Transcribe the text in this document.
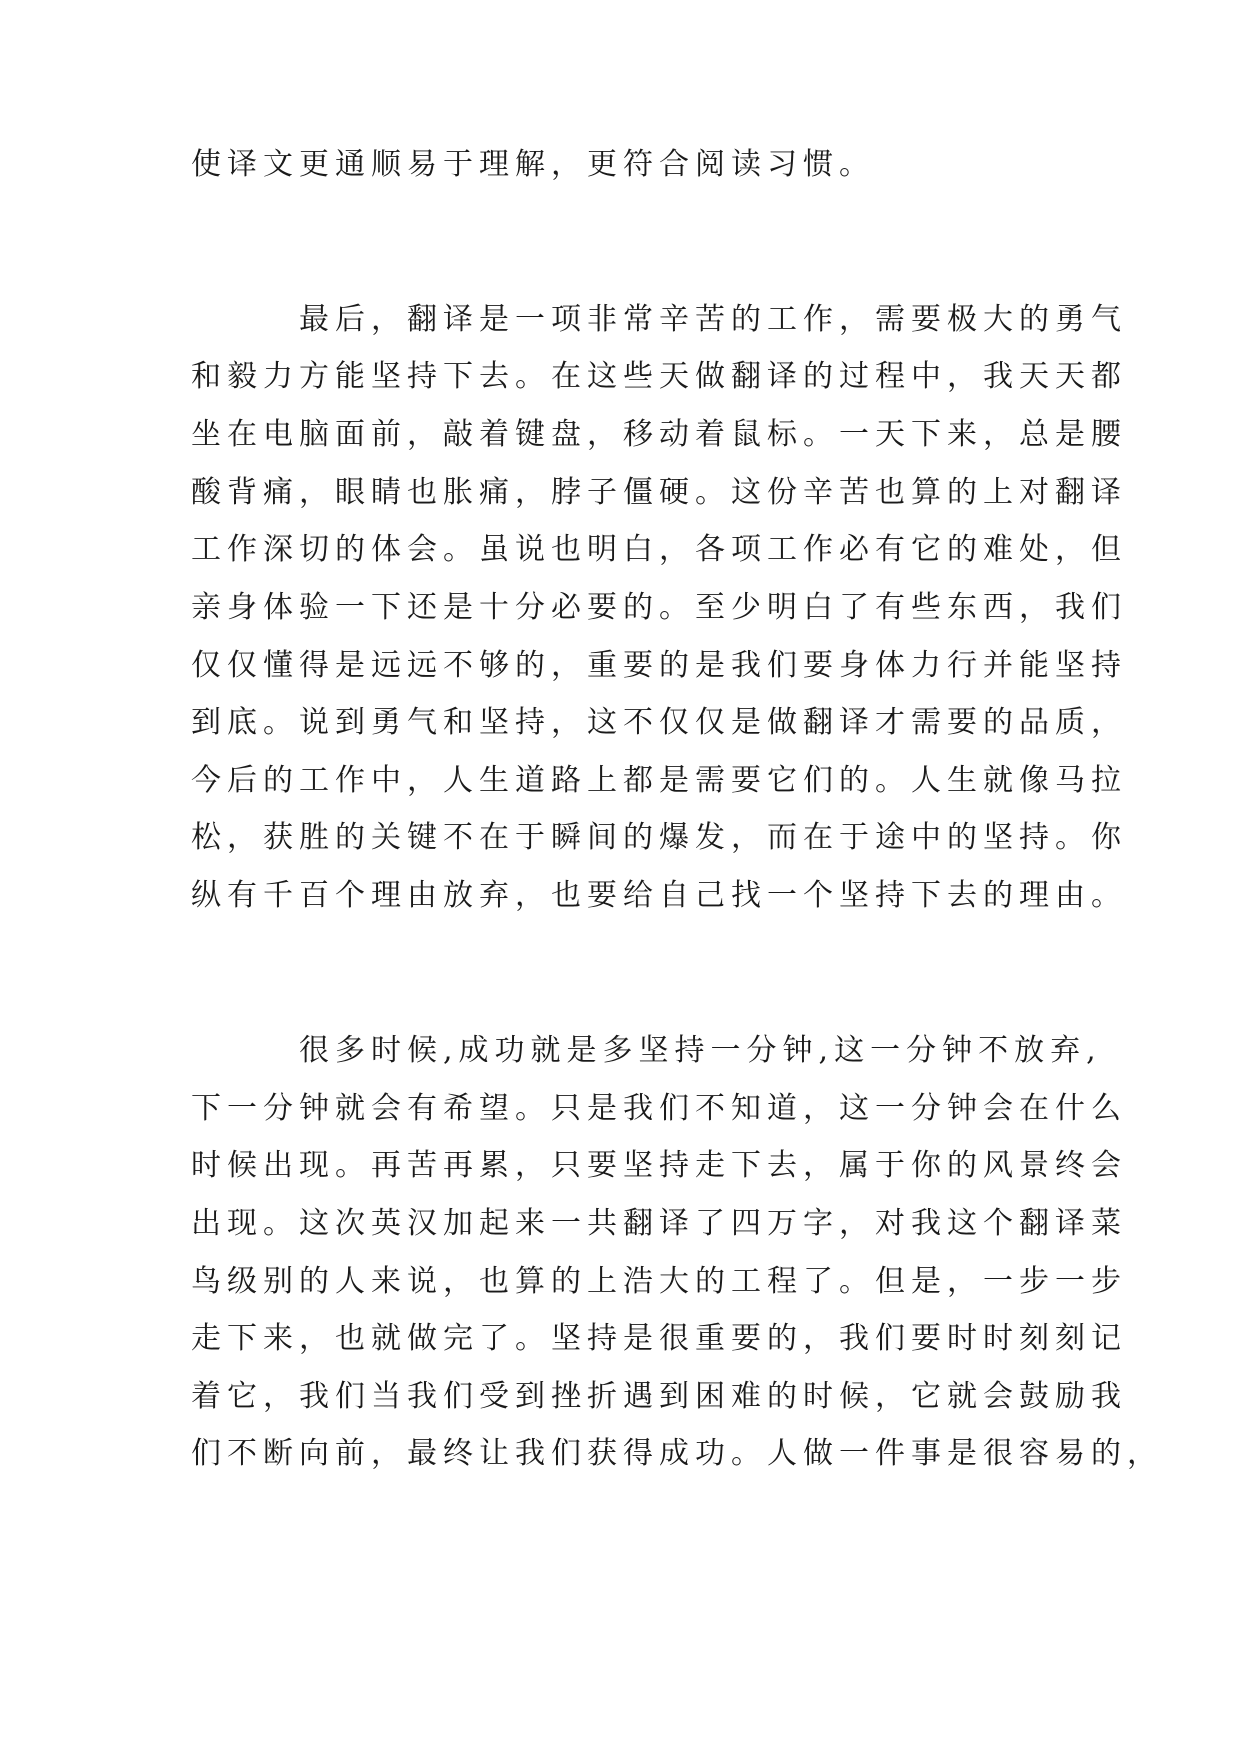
使译文更通顺易于理解，更符合阅读习惯。
最后，翻译是一项非常辛苦的工作，需要极大的勇气
和毅力方能坚持下去。在这些天做翻译的过程中，我天天都
坐在电脑面前，敲着键盘，移动着鼠标。一天下来，总是腰
酸背痛，眼睛也胀痛，脖子僵硬。这份辛苦也算的上对翻译
工作深切的体会。虽说也明白，各项工作必有它的难处，但
亲身体验一下还是十分必要的。至少明白了有些东西，我们
仅仅懂得是远远不够的，重要的是我们要身体力行并能坚持
到底。说到勇气和坚持，这不仅仅是做翻译才需要的品质，
今后的工作中，人生道路上都是需要它们的。人生就像马拉
松，获胜的关键不在于瞬间的爆发，而在于途中的坚持。你
纵有千百个理由放弃，也要给自己找一个坚持下去的理由。
很多时候,成功就是多坚持一分钟,这一分钟不放弃,
下一分钟就会有希望。只是我们不知道，这一分钟会在什么
时候出现。再苦再累，只要坚持走下去，属于你的风景终会
出现。这次英汉加起来一共翻译了四万字，对我这个翻译菜
鸟级别的人来说，也算的上浩大的工程了。但是，一步一步
走下来，也就做完了。坚持是很重要的，我们要时时刻刻记
着它，我们当我们受到挫折遇到困难的时候，它就会鼓励我
们不断向前，最终让我们获得成功。人做一件事是很容易的，
